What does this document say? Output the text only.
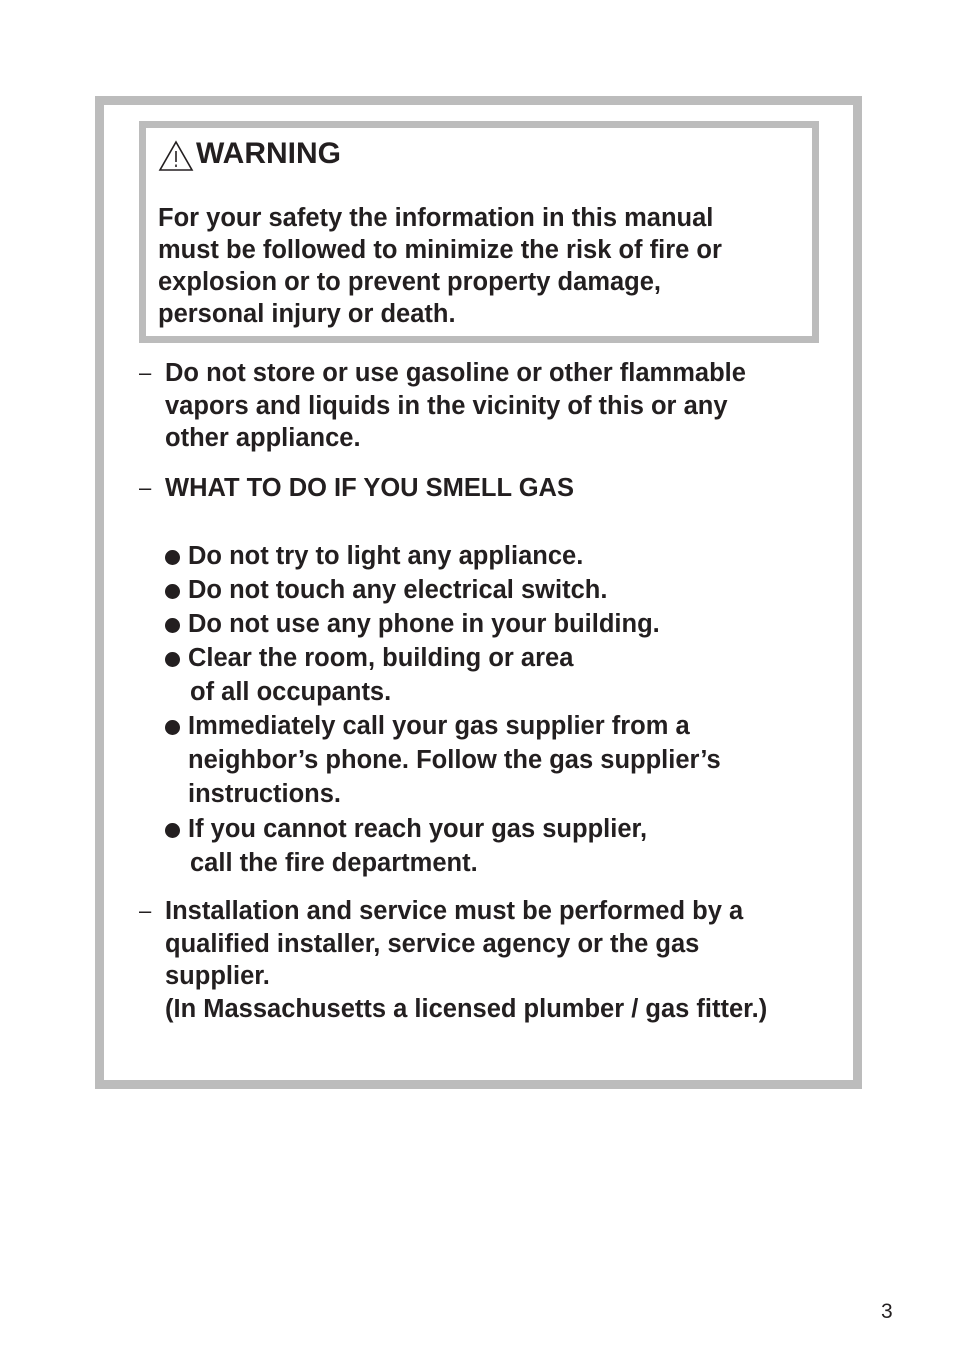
WARNING
For your safety the information in this manual
must be followed to minimize the risk of fire or
explosion or to prevent property damage,
personal injury or death.
– Do not store or use gasoline or other flammable
vapors and liquids in the vicinity of this or any
other appliance.
– WHAT TO DO IF YOU SMELL GAS
Do not try to light any appliance.
Do not touch any electrical switch.
Do not use any phone in your building.
Clear the room, building or area
of all occupants.
Immediately call your gas supplier from a
neighbor’s phone. Follow the gas supplier’s
instructions.
If you cannot reach your gas supplier,
call the fire department.
– Installation and service must be performed by a
qualified installer, service agency or the gas
supplier.
(In Massachusetts a licensed plumber / gas fitter.)
3
